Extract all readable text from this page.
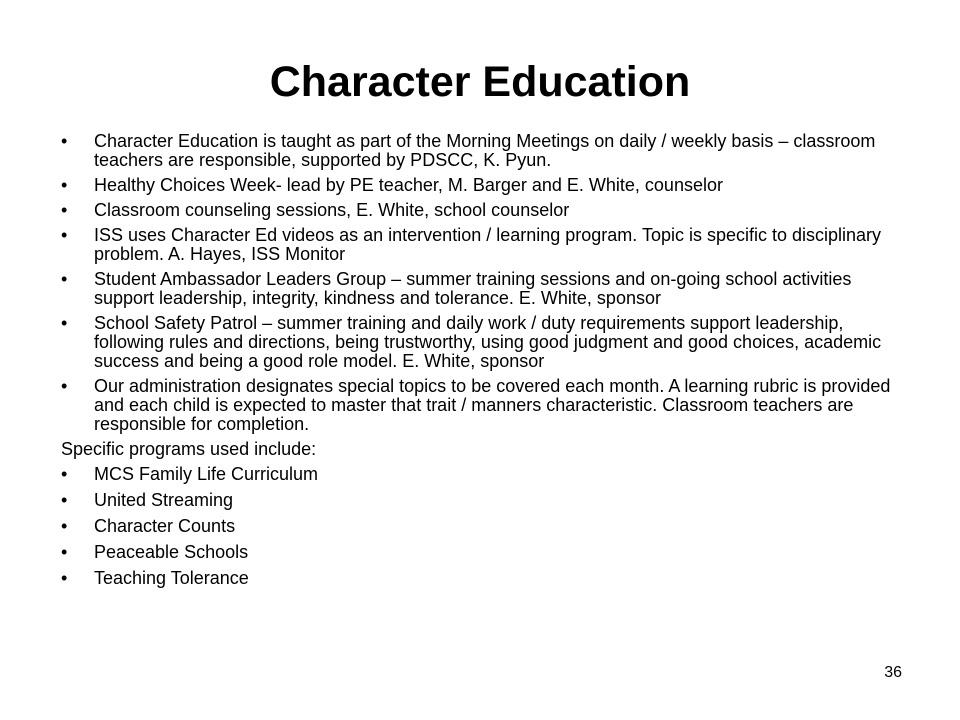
Character Education
•	Character Education is taught as part of the Morning Meetings on daily / weekly basis – classroom teachers are responsible, supported by PDSCC, K. Pyun.
•	Healthy Choices Week- lead by PE teacher, M. Barger and E. White, counselor
•	Classroom counseling sessions, E. White, school counselor
•	ISS uses Character Ed videos as an intervention / learning program. Topic is specific to disciplinary problem. A. Hayes, ISS Monitor
•	Student Ambassador Leaders Group – summer training sessions and on-going school activities support leadership, integrity, kindness and tolerance. E. White, sponsor
•	School Safety Patrol – summer training and daily work / duty requirements support leadership, following rules and directions, being trustworthy, using good judgment and good choices, academic success and being a good role model. E. White, sponsor
•	Our administration designates special topics to be covered each month. A learning rubric is provided and each child is expected to master that trait / manners characteristic. Classroom teachers are responsible for completion.

Specific programs used include:

•	MCS Family Life Curriculum
•	United Streaming
•	Character Counts
•	Peaceable Schools
•	Teaching Tolerance
36
